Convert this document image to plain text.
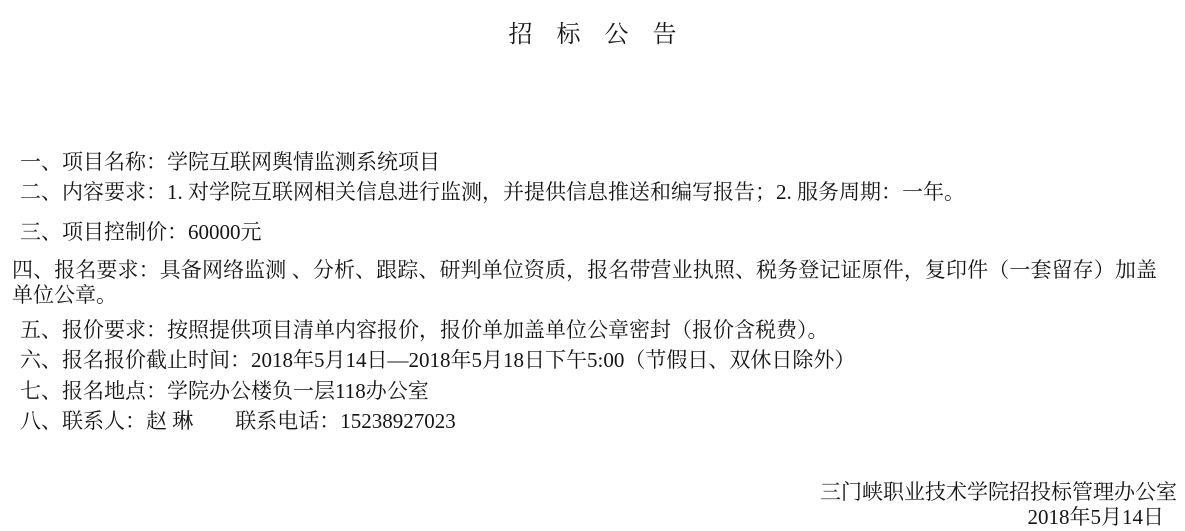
招　标　公　告
一、项目名称：学院互联网舆情监测系统项目
二、内容要求：1. 对学院互联网相关信息进行监测，并提供信息推送和编写报告；2. 服务周期：一年。
三、项目控制价：60000元
四、报名要求：具备网络监测 、分析、跟踪、研判单位资质，报名带营业执照、税务登记证原件，复印件（一套留存）加盖单位公章。
五、报价要求：按照提供项目清单内容报价，报价单加盖单位公章密封（报价含税费）。
六、报名报价截止时间：2018年5月14日—2018年5月18日下午5:00（节假日、双休日除外）
七、报名地点：学院办公楼负一层118办公室
八、联系人：赵 琳　　联系电话：15238927023
三门峡职业技术学院招投标管理办公室
2018年5月14日
